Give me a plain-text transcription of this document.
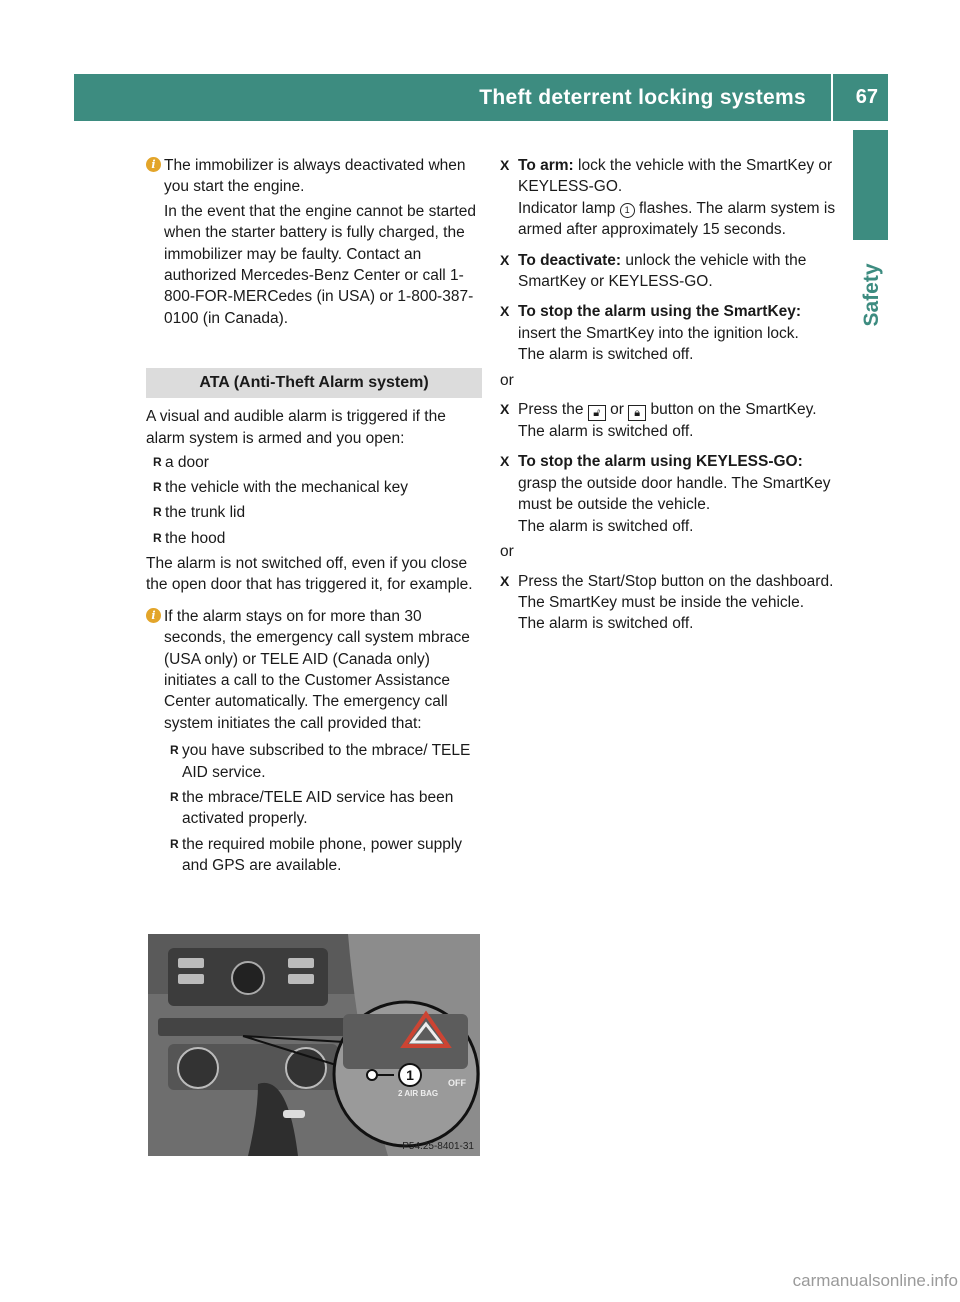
Theft deterrent locking systems 67
Safety
i The immobilizer is always deactivated when you start the engine.

In the event that the engine cannot be started when the starter battery is fully charged, the immobilizer may be faulty. Contact an authorized Mercedes-Benz Center or call 1-800-FOR-MERCedes (in USA) or 1-800-387-0100 (in Canada).

ATA (Anti-Theft Alarm system)

A visual and audible alarm is triggered if the alarm system is armed and you open:

R a door
R the vehicle with the mechanical key
R the trunk lid
R the hood

The alarm is not switched off, even if you close the open door that has triggered it, for example.

i If the alarm stays on for more than 30 seconds, the emergency call system mbrace (USA only) or TELE AID (Canada only) initiates a call to the Customer Assistance Center automatically. The emergency call system initiates the call provided that:

R you have subscribed to the mbrace/ TELE AID service.
R the mbrace/TELE AID service has been activated properly.
R the required mobile phone, power supply and GPS are available.
1
2 AIR BAG
OFF
P54.25-8401-31
X To arm: lock the vehicle with the SmartKey or KEYLESS-GO.
Indicator lamp 1 flashes. The alarm system is armed after approximately 15 seconds.
X To deactivate: unlock the vehicle with the SmartKey or KEYLESS-GO.
X To stop the alarm using the SmartKey: insert the SmartKey into the ignition lock.
The alarm is switched off.

or

X Press the 🔓︎ or 🔒︎ button on the SmartKey.
The alarm is switched off.
X To stop the alarm using KEYLESS-GO: grasp the outside door handle. The SmartKey must be outside the vehicle.
The alarm is switched off.

or

X Press the Start/Stop button on the dashboard. The SmartKey must be inside the vehicle.
The alarm is switched off.
carmanualsonline.info
